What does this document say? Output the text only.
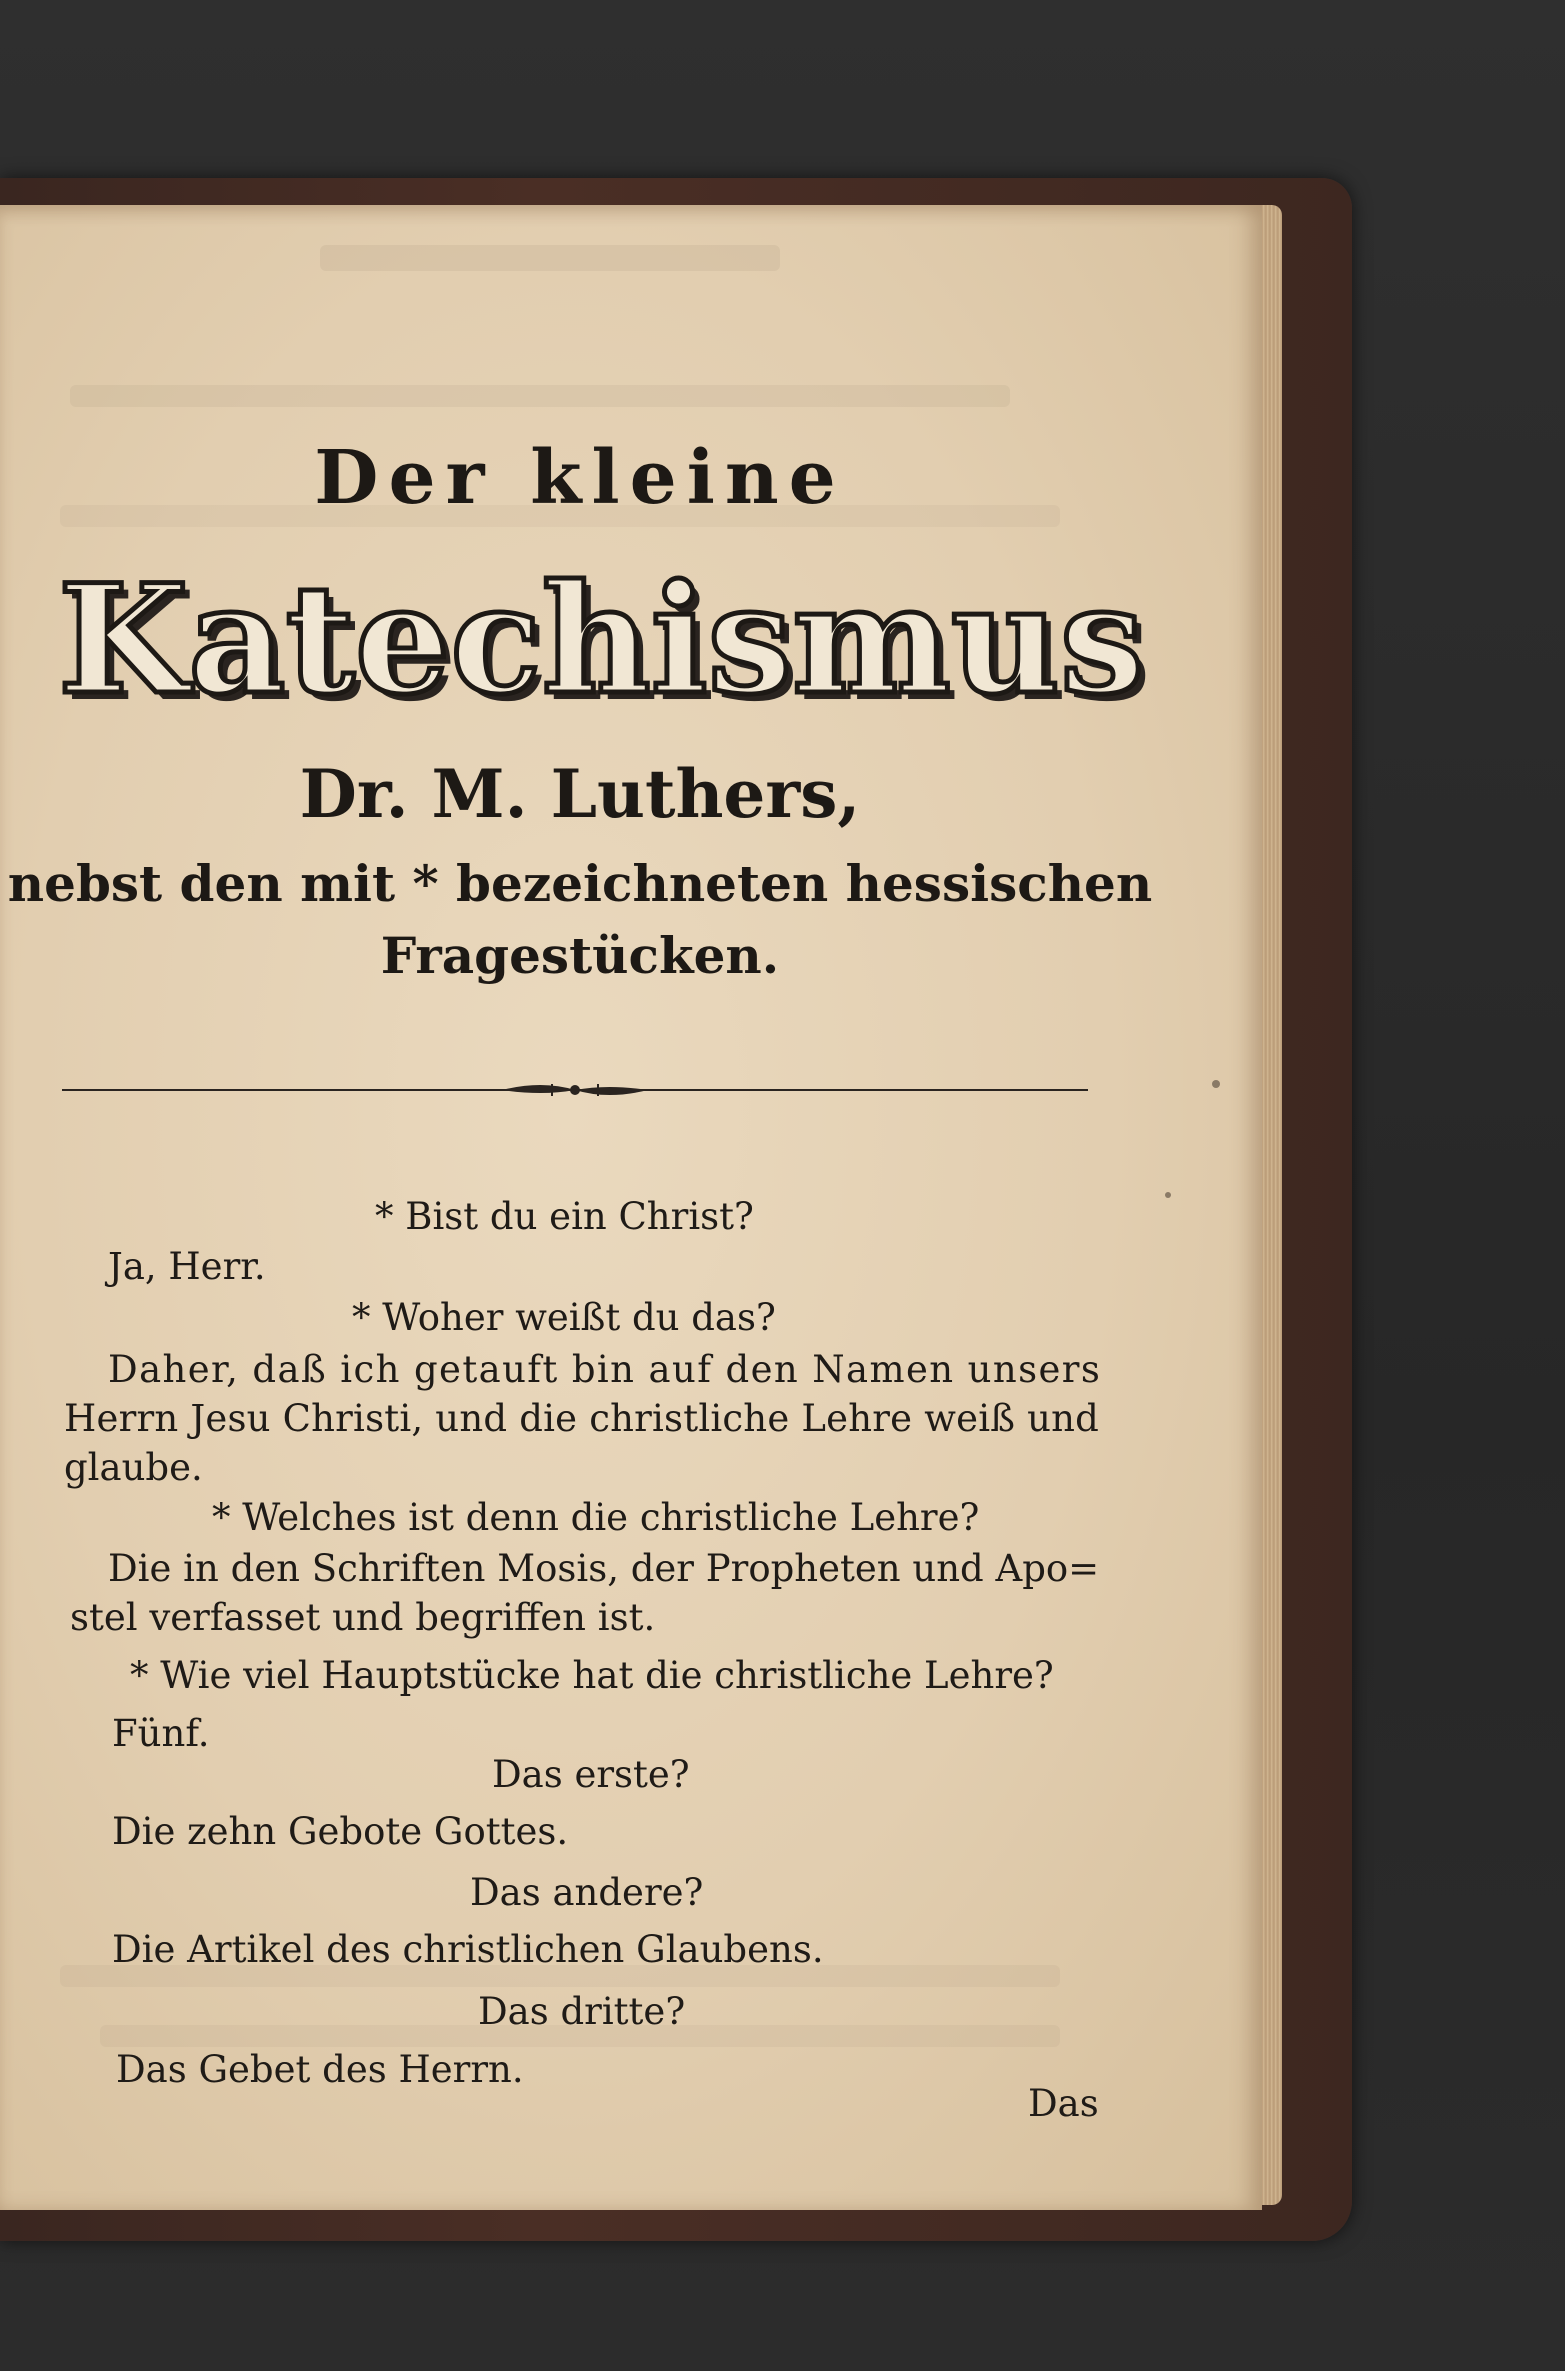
Der kleine
K a t e c h i s m u s
Dr. M. Luthers,
nebst den mit * bezeichneten hessischen
Fragestücken.
* Bist du ein Christ?
Ja, Herr.
* Woher weißt du das?
Daher, daß ich getauft bin auf den Namen unsers
Herrn Jesu Christi, und die christliche Lehre weiß und
glaube.
* Welches ist denn die christliche Lehre?
Die in den Schriften Mosis, der Propheten und Apo=
stel verfasset und begriffen ist.
* Wie viel Hauptstücke hat die christliche Lehre?
Fünf.
Das erste?
Die zehn Gebote Gottes.
Das andere?
Die Artikel des christlichen Glaubens.
Das dritte?
Das Gebet des Herrn.
Das
